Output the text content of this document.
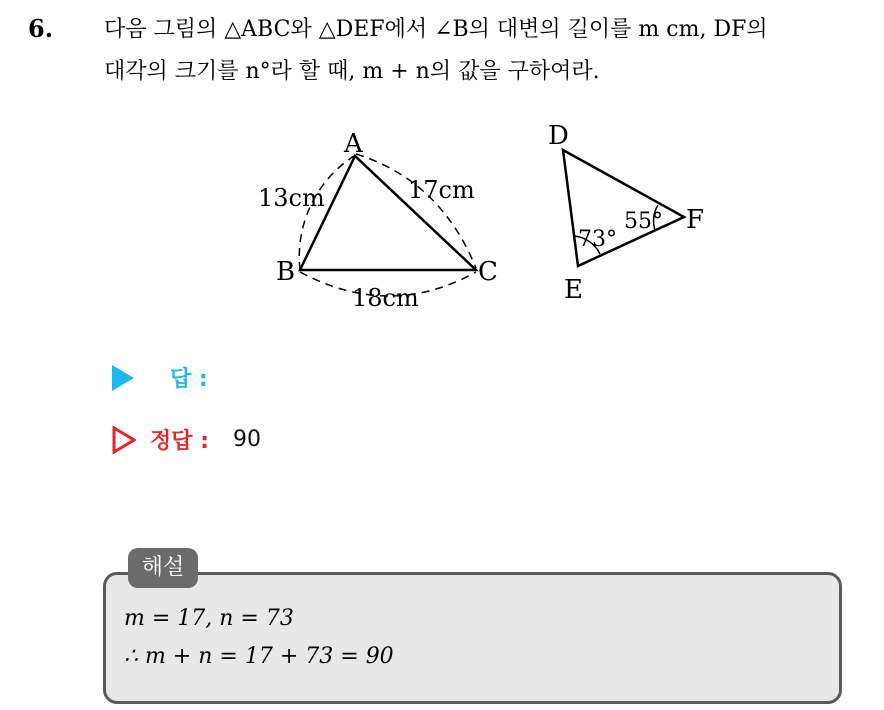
6. 다음 그림의 △ABC와 △DEF에서 ∠B의 대변의 길이를 m cm, DF의
대각의 크기를 n°라 할 때, m + n의 값을 구하여라.
A
B	C
13cm	17cm
18cm
D
E
F
73°
55°
답 :
정답 : 90
해설
m = 17, n = 73
∴ m + n = 17 + 73 = 90
